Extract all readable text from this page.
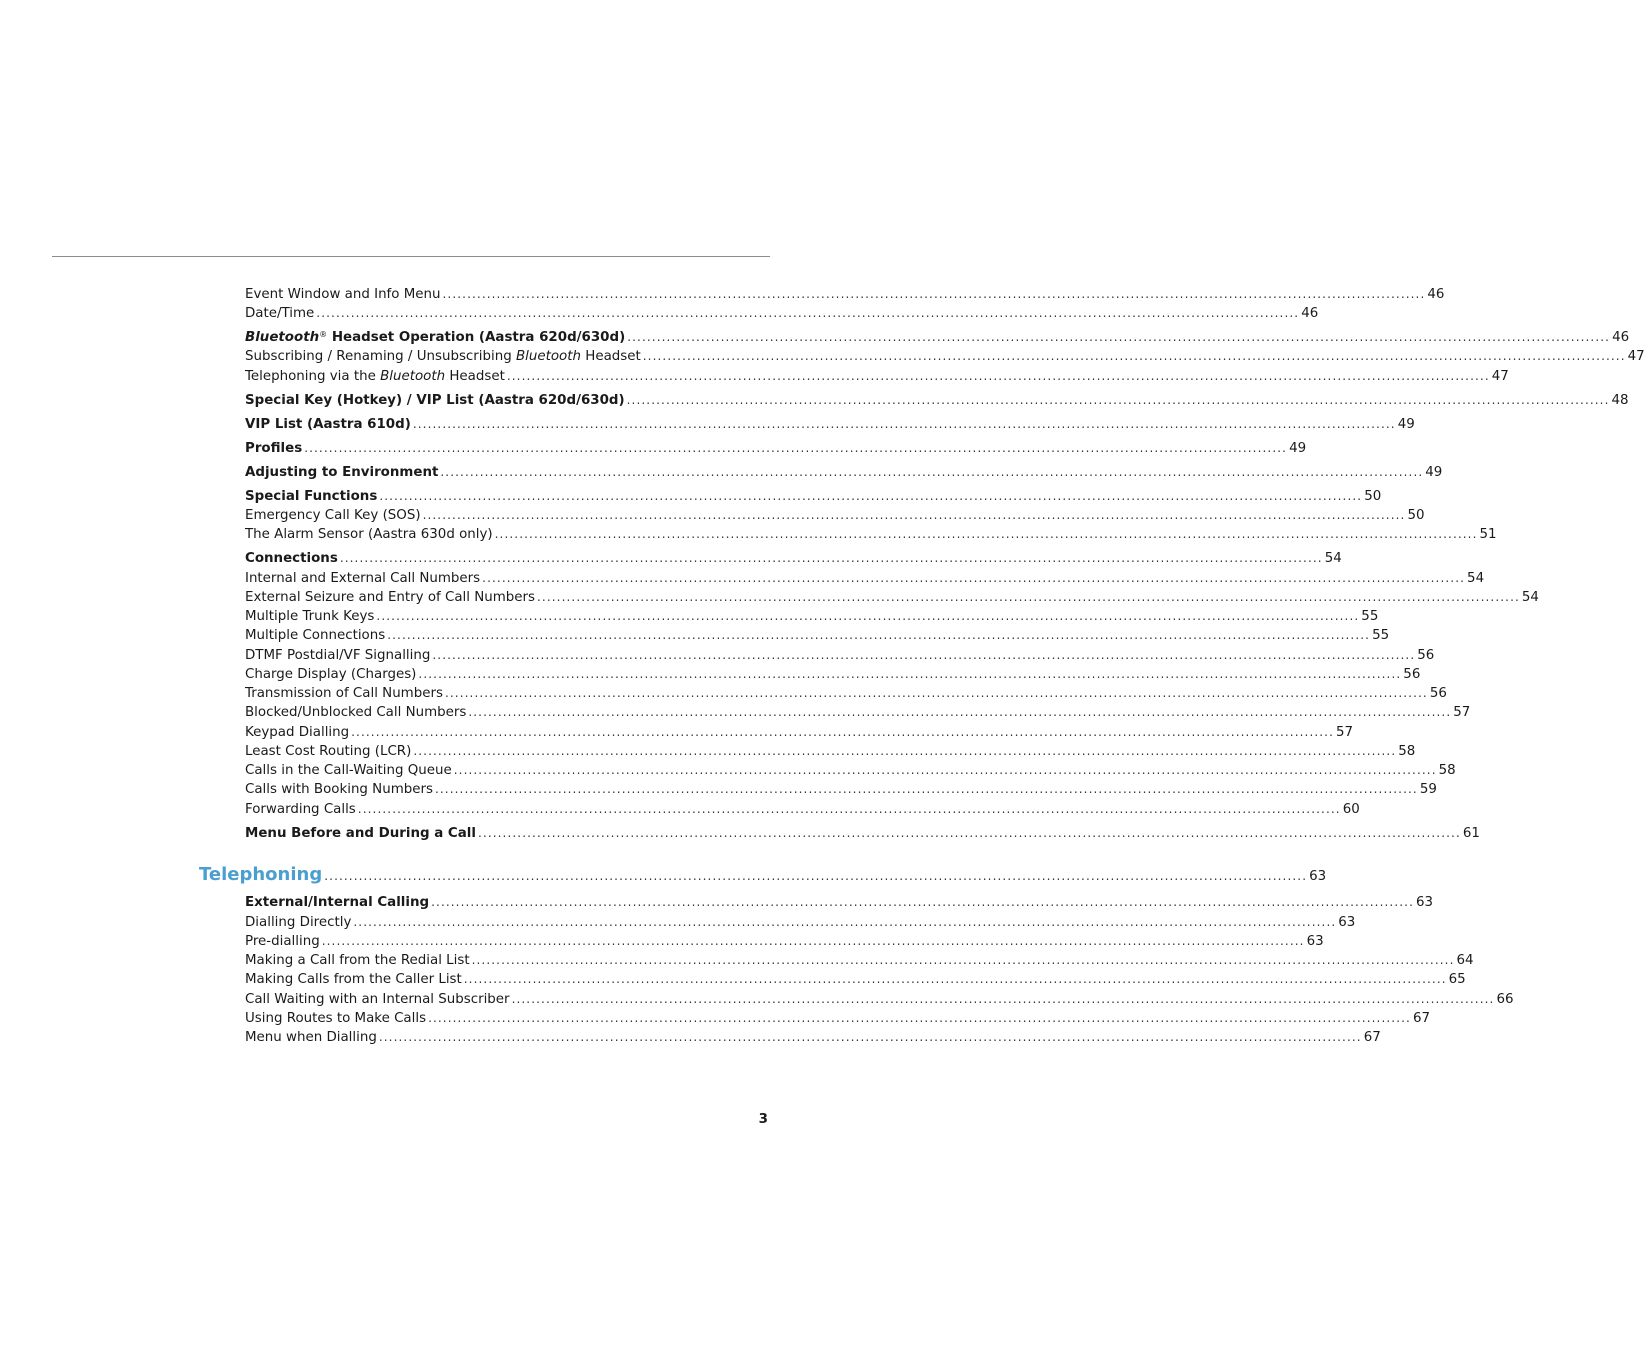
Event Window and Info Menu ........................................................................................................................................................................................................ 46
Date/Time ........................................................................................................................................................................................................ 46
Bluetooth® Headset Operation (Aastra 620d/630d) ........................................................................................................................................................................................................ 46
Subscribing / Renaming / Unsubscribing Bluetooth Headset ........................................................................................................................................................................................................ 47
Telephoning via the Bluetooth Headset ........................................................................................................................................................................................................ 47
Special Key (Hotkey) / VIP List (Aastra 620d/630d) ........................................................................................................................................................................................................ 48
VIP List (Aastra 610d) ........................................................................................................................................................................................................ 49
Profiles ........................................................................................................................................................................................................ 49
Adjusting to Environment ........................................................................................................................................................................................................ 49
Special Functions ........................................................................................................................................................................................................ 50
Emergency Call Key (SOS) ........................................................................................................................................................................................................ 50
The Alarm Sensor (Aastra 630d only) ........................................................................................................................................................................................................ 51
Connections ........................................................................................................................................................................................................ 54
Internal and External Call Numbers ........................................................................................................................................................................................................ 54
External Seizure and Entry of Call Numbers ........................................................................................................................................................................................................ 54
Multiple Trunk Keys ........................................................................................................................................................................................................ 55
Multiple Connections ........................................................................................................................................................................................................ 55
DTMF Postdial/VF Signalling ........................................................................................................................................................................................................ 56
Charge Display (Charges) ........................................................................................................................................................................................................ 56
Transmission of Call Numbers ........................................................................................................................................................................................................ 56
Blocked/Unblocked Call Numbers ........................................................................................................................................................................................................ 57
Keypad Dialling ........................................................................................................................................................................................................ 57
Least Cost Routing (LCR) ........................................................................................................................................................................................................ 58
Calls in the Call-Waiting Queue ........................................................................................................................................................................................................ 58
Calls with Booking Numbers ........................................................................................................................................................................................................ 59
Forwarding Calls ........................................................................................................................................................................................................ 60
Menu Before and During a Call ........................................................................................................................................................................................................ 61
Telephoning ........................................................................................................................................................................................................ 63
External/Internal Calling ........................................................................................................................................................................................................ 63
Dialling Directly ........................................................................................................................................................................................................ 63
Pre-dialling ........................................................................................................................................................................................................ 63
Making a Call from the Redial List ........................................................................................................................................................................................................ 64
Making Calls from the Caller List ........................................................................................................................................................................................................ 65
Call Waiting with an Internal Subscriber ........................................................................................................................................................................................................ 66
Using Routes to Make Calls ........................................................................................................................................................................................................ 67
Menu when Dialling ........................................................................................................................................................................................................ 67
3
